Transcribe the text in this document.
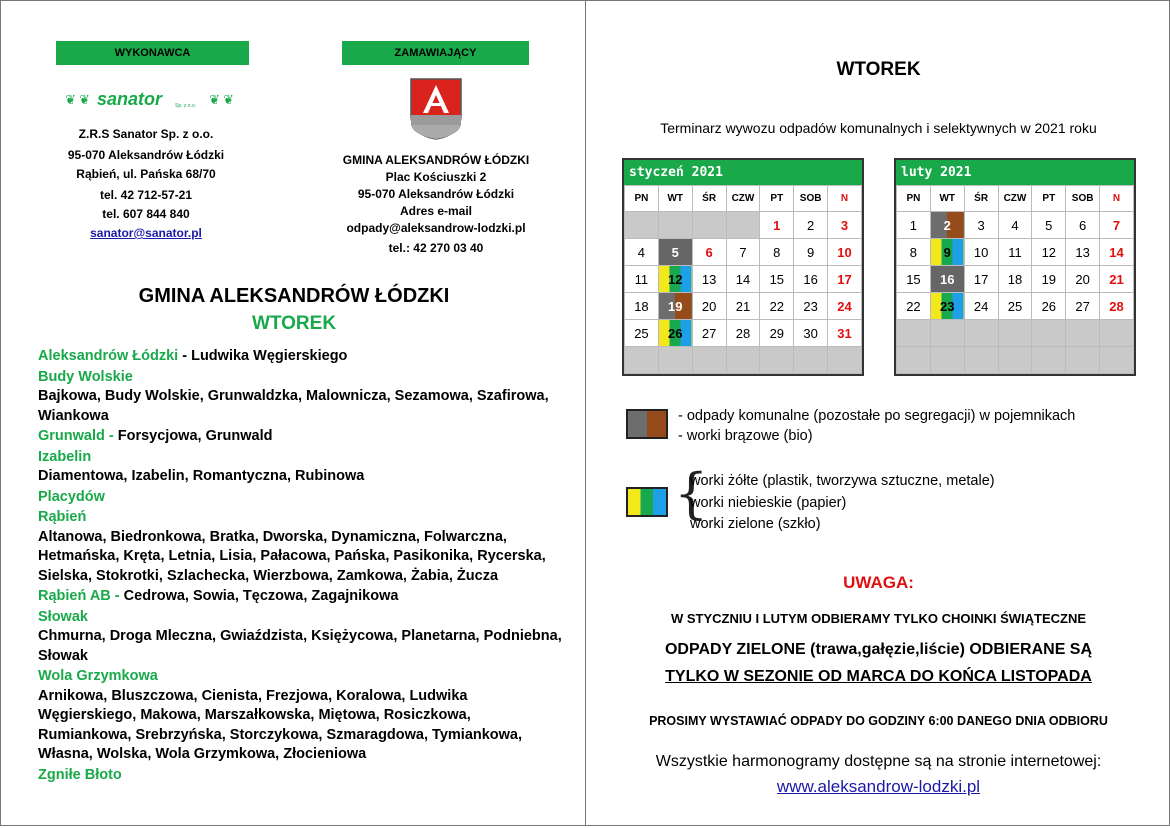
WYKONAWCA	ZAMAWIAJĄCY
❦ ❦ sanator	Sp. z o.o. ❦ ❦
Z.R.S Sanator Sp. z o.o.
95-070 Aleksandrów Łódzki
Rąbień, ul. Pańska 68/70
tel. 42 712-57-21
tel. 607 844 840
sanator@sanator.pl
GMINA ALEKSANDRÓW ŁÓDZKI
Plac Kościuszki 2
95-070 Aleksandrów Łódzki
Adres e-mail
odpady@aleksandrow-lodzki.pl
tel.: 42 270 03 40
GMINA ALEKSANDRÓW ŁÓDZKI
WTOREK
Aleksandrów Łódzki - Ludwika Węgierskiego
Budy Wolskie
Bajkowa, Budy Wolskie, Grunwaldzka, Malownicza, Sezamowa, Szafirowa, Wiankowa
Grunwald - Forsycjowa, Grunwald
Izabelin
Diamentowa, Izabelin, Romantyczna, Rubinowa
Placydów
Rąbień
Altanowa, Biedronkowa, Bratka, Dworska, Dynamiczna, Folwarczna, Hetmańska, Kręta, Letnia, Lisia, Pałacowa, Pańska, Pasikonika, Rycerska, Sielska, Stokrotki, Szlachecka, Wierzbowa, Zamkowa, Żabia, Żucza
Rąbień AB - Cedrowa, Sowia, Tęczowa, Zagajnikowa
Słowak
Chmurna, Droga Mleczna, Gwiaździsta, Księżycowa, Planetarna, Podniebna, Słowak
Wola Grzymkowa
Arnikowa, Bluszczowa, Cienista, Frezjowa, Koralowa, Ludwika Węgierskiego, Makowa, Marszałkowska, Miętowa, Rosiczkowa, Rumiankowa, Srebrzyńska, Storczykowa, Szmaragdowa, Tymiankowa, Własna, Wolska, Wola Grzymkowa, Złocieniowa
Zgniłe Błoto
WTOREK
Terminarz wywozu odpadów komunalnych i selektywnych w 2021 roku
styczeń 2021
PN	WT	ŚR	CZW	PT	SOB	N
				1	2	3
4	5	6	7	8	9	10
11	12	13	14	15	16	17
18	19	20	21	22	23	24
25	26	27	28	29	30	31

luty 2021
PN	WT	ŚR	CZW	PT	SOB	N
1	2	3	4	5	6	7
8	9	10	11	12	13	14
15	16	17	18	19	20	21
22	23	24	25	26	27	28

- odpady komunalne (pozostałe po segregacji) w pojemnikach
- worki brązowe (bio)
{
worki żółte (plastik, tworzywa sztuczne, metale)
worki niebieskie (papier)
worki zielone (szkło)
UWAGA:
W STYCZNIU I LUTYM ODBIERAMY TYLKO CHOINKI ŚWIĄTECZNE
ODPADY ZIELONE (trawa,gałęzie,liście) ODBIERANE SĄ
TYLKO W SEZONIE OD MARCA DO KOŃCA LISTOPADA
PROSIMY WYSTAWIAĆ ODPADY DO GODZINY 6:00 DANEGO DNIA ODBIORU
Wszystkie harmonogramy dostępne są na stronie internetowej:
www.aleksandrow-lodzki.pl
